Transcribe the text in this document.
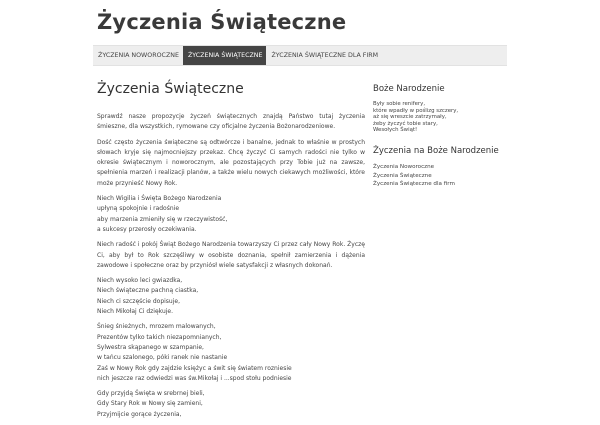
Życzenia Świąteczne
ŻYCZENIA NOWOROCZNE	ŻYCZENIA ŚWIĄTECZNE	ŻYCZENIA ŚWIĄTECZNE DLA FIRM
Życzenia Świąteczne

Sprawdź nasze propozycje życzeń świątecznych znajdą Państwo tutaj życzenia śmieszne, dla wszystkich, rymowane czy oficjalne życzenia Bożonarodzeniowe.

Dość często życzenia świąteczne są odtwórcze i banalne, jednak to właśnie w prostych słowach kryje się najmocniejszy przekaz. Chcę życzyć Ci samych radości nie tylko w okresie świątecznym i noworocznym, ale pozostających przy Tobie już na zawsze, spełnienia marzeń i realizacji planów, a także wielu nowych ciekawych możliwości, które może przynieść Nowy Rok.

Niech Wigilia i Święta Bożego Narodzenia
upłyną spokojnie i radośnie
aby marzenia zmieniły się w rzeczywistość,
a sukcesy przerosły oczekiwania.

Niech radość i pokój Świąt Bożego Narodzenia towarzyszy Ci przez cały Nowy Rok. Życzę Ci, aby był to Rok szczęśliwy w osobiste doznania, spełnił zamierzenia i dążenia zawodowe i społeczne oraz by przyniósł wiele satysfakcji z własnych dokonań.

Niech wysoko leci gwiazdka,
Niech świąteczne pachną ciastka,
Niech ci szczęście dopisuje,
Niech Mikołaj Ci dziękuje.

Śnieg śnieżnych, mrozem malowanych,
Prezentów tylko takich niezapomnianych,
Sylwestra skąpanego w szampanie,
w tańcu szalonego, póki ranek nie nastanie
Zaś w Nowy Rok gdy zajdzie księżyc a świt się światem rozniesie
nich jeszcze raz odwiedzi was św.Mikołaj i ...spod stołu podniesie

Gdy przyjdą Święta w srebrnej bieli,
Gdy Stary Rok w Nowy się zamieni,
Przyjmijcie gorące życzenia,

Boże Narodzenie
Były sobie renifery,
które wpadły w poślizg szczery,
aż się wreszcie zatrzymały,
żeby życzyć tobie stary,
Wesołych Świąt!
Życzenia na Boże Narodzenie
Życzenia Noworoczne
Życzenia Świąteczne
Życzenia Świąteczne dla firm
